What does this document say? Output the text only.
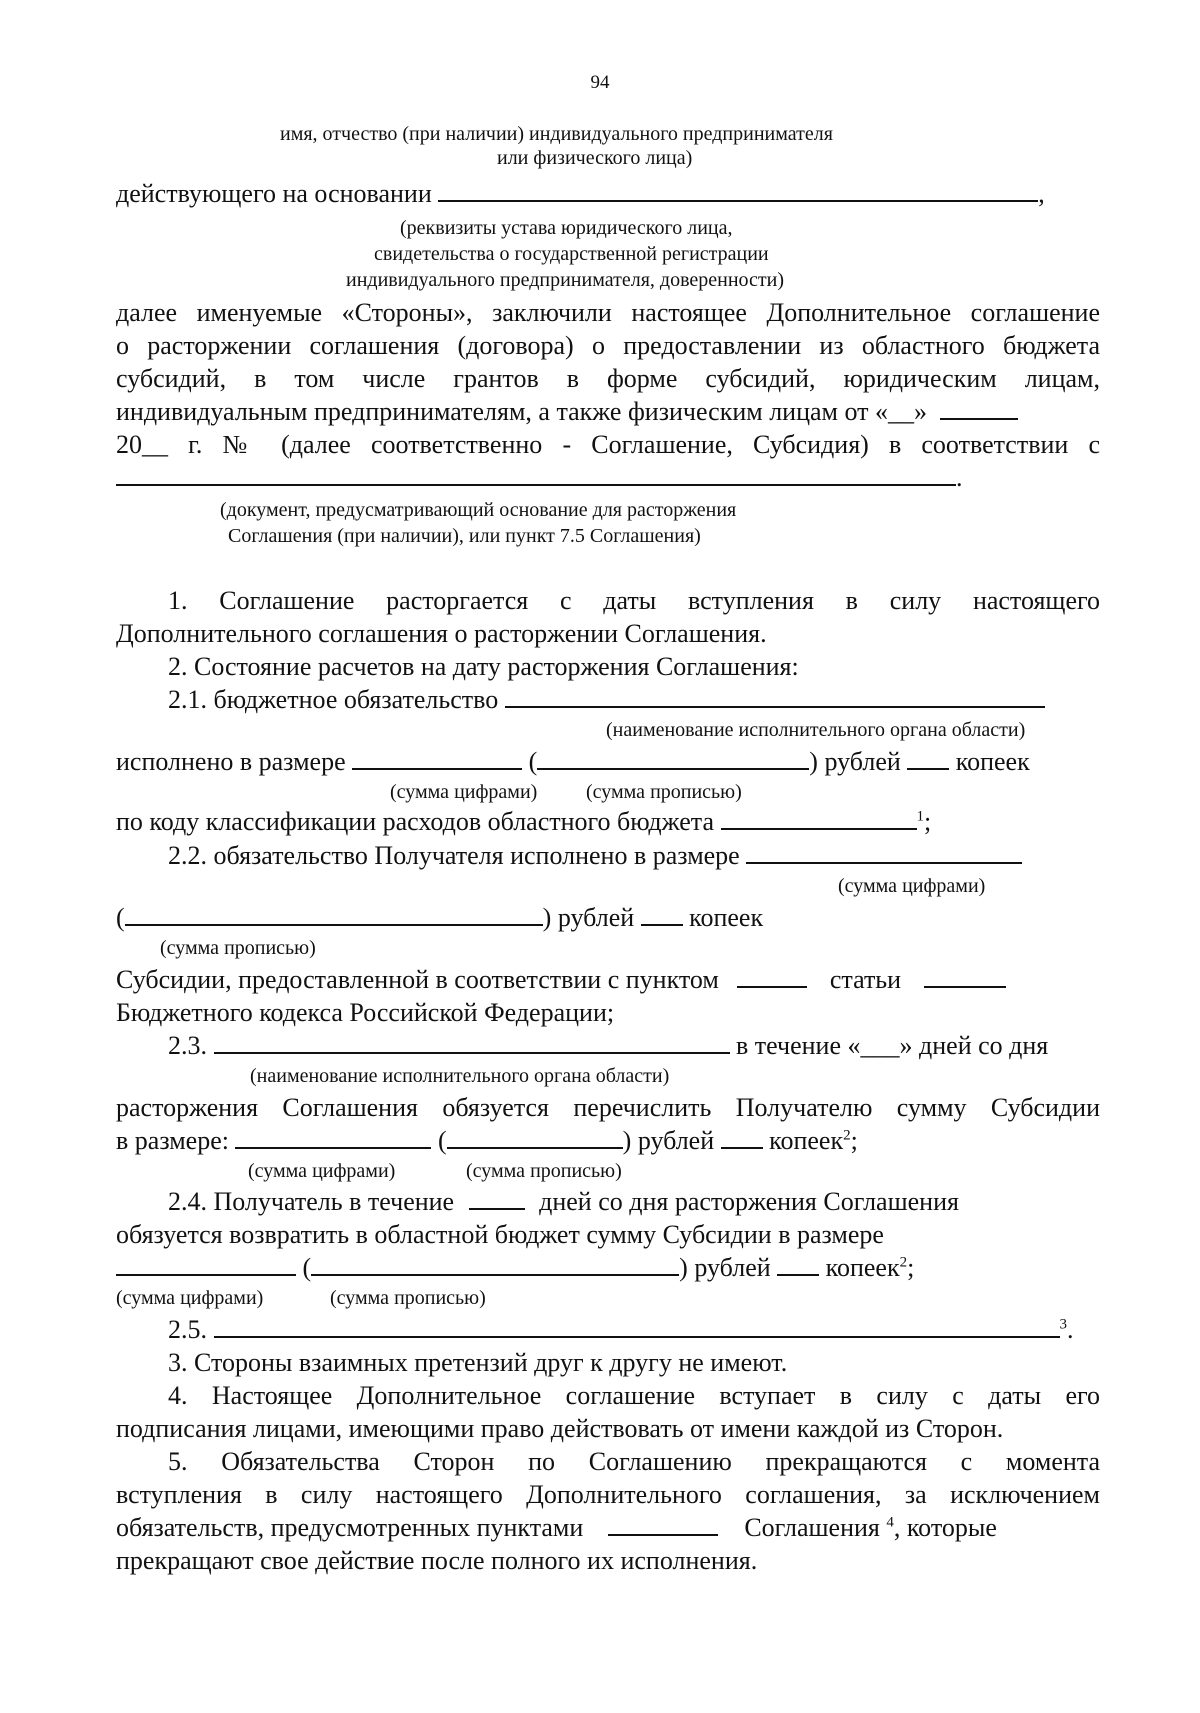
94
имя, отчество (при наличии) индивидуального предпринимателя
или физического лица)
действующего на основании	,
(реквизиты устава юридического лица,
свидетельства о государственной регистрации
индивидуального предпринимателя, доверенности)
далее именуемые «Стороны», заключили настоящее Дополнительное соглашение
о расторжении соглашения (договора) о предоставлении из областного бюджета
субсидий, в том числе грантов в форме субсидий, юридическим лицам,
индивидуальным предпринимателям, а также физическим лицам от «__»
20__ г. № (далее соответственно - Соглашение, Субсидия) в соответствии с
.
(документ, предусматривающий основание для расторжения
Соглашения (при наличии), или пункт 7.5 Соглашения)
1. Соглашение расторгается с даты вступления в силу настоящего
Дополнительного соглашения о расторжении Соглашения.
2. Состояние расчетов на дату расторжения Соглашения:
2.1. бюджетное обязательство
(наименование исполнительного органа области)
исполнено в размере	(	) рублей копеек
(сумма цифрами) (сумма прописью)
по коду классификации расходов областного бюджета	$^1$;
2.2. обязательство Получателя исполнено в размере
(сумма цифрами)
(	) рублей копеек
(сумма прописью)
Субсидии, предоставленной в соответствии с пунктом	статьи
Бюджетного кодекса Российской Федерации;
2.3.	в течение «___» дней со дня
(наименование исполнительного органа области)
расторжения Соглашения обязуется перечислить Получателю сумму Субсидии
в размере:	(	) рублей копеек$^2$;
(сумма цифрами)	(сумма прописью)
2.4. Получатель в течение	дней со дня расторжения Соглашения
обязуется возвратить в областной бюджет сумму Субсидии в размере
(	) рублей копеек$^2$;
(сумма цифрами)	(сумма прописью)
2.5.	$^3$.
3. Стороны взаимных претензий друг к другу не имеют.
4. Настоящее Дополнительное соглашение вступает в силу с даты его
подписания лицами, имеющими право действовать от имени каждой из Сторон.
5. Обязательства Сторон по Соглашению прекращаются с момента
вступления в силу настоящего Дополнительного соглашения, за исключением
обязательств, предусмотренных пунктами	Соглашения $^4$, которые
прекращают свое действие после полного их исполнения.
